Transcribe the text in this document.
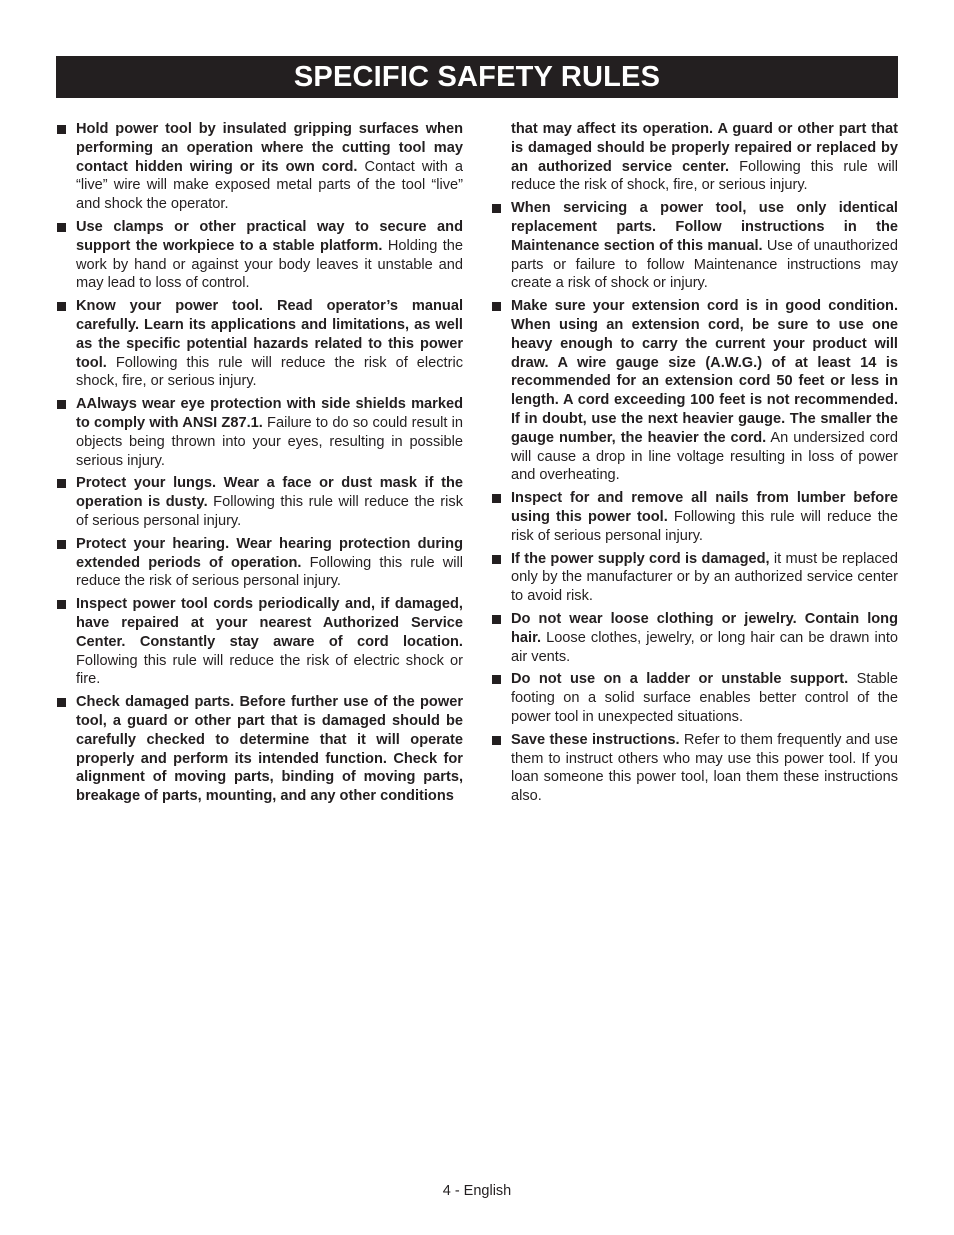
SPECIFIC SAFETY RULES
Hold power tool by insulated gripping surfaces when performing an operation where the cutting tool may contact hidden wiring or its own cord. Contact with a “live” wire will make exposed metal parts of the tool “live” and shock the operator.
Use clamps or other practical way to secure and support the workpiece to a stable platform. Holding the work by hand or against your body leaves it unstable and may lead to loss of control.
Know your power tool. Read operator’s manual carefully. Learn its applications and limitations, as well as the specific potential hazards related to this power tool. Following this rule will reduce the risk of electric shock, fire, or serious injury.
AAlways wear eye protection with side shields marked to comply with ANSI Z87.1. Failure to do so could result in objects being thrown into your eyes, resulting in possible serious injury.
Protect your lungs. Wear a face or dust mask if the operation is dusty. Following this rule will reduce the risk of serious personal injury.
Protect your hearing. Wear hearing protection during extended periods of operation. Following this rule will reduce the risk of serious personal injury.
Inspect power tool cords periodically and, if damaged, have repaired at your nearest Authorized Service Center. Constantly stay aware of cord location. Following this rule will reduce the risk of electric shock or fire.
Check damaged parts. Before further use of the power tool, a guard or other part that is damaged should be carefully checked to determine that it will operate properly and perform its intended function. Check for alignment of moving parts, binding of moving parts, breakage of parts, mounting, and any other conditions
that may affect its operation. A guard or other part that is damaged should be properly repaired or replaced by an authorized service center. Following this rule will reduce the risk of shock, fire, or serious injury.
When servicing a power tool, use only identical replacement parts. Follow instructions in the Maintenance section of this manual. Use of unauthorized parts or failure to follow Maintenance instructions may create a risk of shock or injury.
Make sure your extension cord is in good condition. When using an extension cord, be sure to use one heavy enough to carry the current your product will draw. A wire gauge size (A.W.G.) of at least 14 is recommended for an extension cord 50 feet or less in length. A cord exceeding 100 feet is not recommended. If in doubt, use the next heavier gauge. The smaller the gauge number, the heavier the cord. An undersized cord will cause a drop in line voltage resulting in loss of power and overheating.
Inspect for and remove all nails from lumber before using this power tool. Following this rule will reduce the risk of serious personal injury.
If the power supply cord is damaged, it must be replaced only by the manufacturer or by an authorized service center to avoid risk.
Do not wear loose clothing or jewelry. Contain long hair. Loose clothes, jewelry, or long hair can be drawn into air vents.
Do not use on a ladder or unstable support. Stable footing on a solid surface enables better control of the power tool in unexpected situations.
Save these instructions. Refer to them frequently and use them to instruct others who may use this power tool. If you loan someone this power tool, loan them these instructions also.
4 - English
